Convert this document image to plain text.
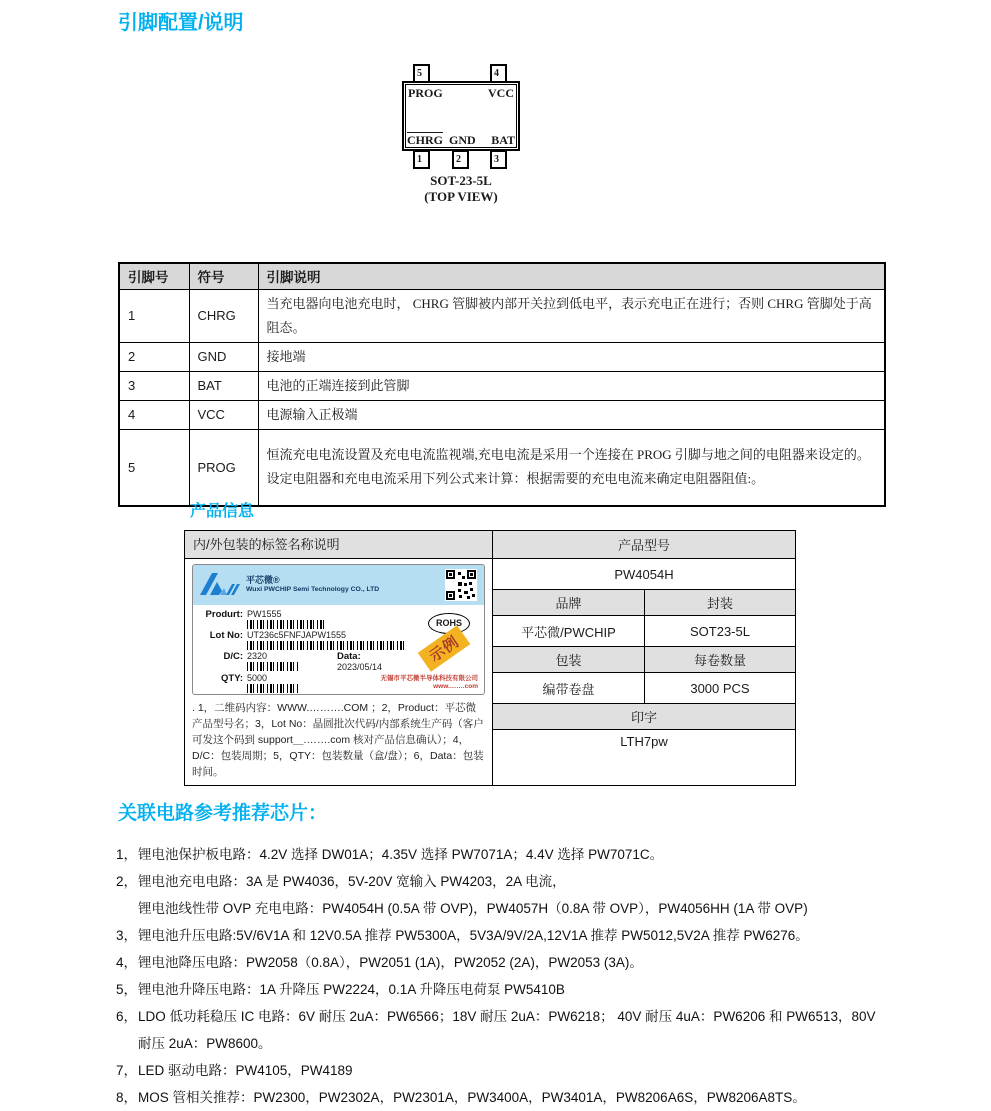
引脚配置/说明
5	4
PROG	VCC
CHRG GND BAT
1	2	3
SOT-23-5L
(TOP VIEW)
引脚号	符号	引脚说明
1	CHRG	当充电器向电池充电时， CHRG 管脚被内部开关拉到低电平，表示充电正在进行；否则 CHRG 管脚处于高阻态。
2	GND	接地端
3	BAT	电池的正端连接到此管脚
4	VCC	电源输入正极端
5	PROG	恒流充电电流设置及充电电流监视端,充电电流是采用一个连接在 PROG 引脚与地之间的电阻器来设定的。设定电阻器和充电电流采用下列公式来计算：根据需要的充电电流来确定电阻器阻值:。
产品信息
内/外包装的标签名称说明
平芯微®
Wuxi PWCHIP Semi Technology CO., LTD
Produrt: PW1555
Lot No: UT236c5FNFJAPW1555
D/C: 2320	Data:
2023/05/14
QTY: 5000
ROHS
示例
无锡市平芯微半导体科技有限公司
www.…….com
. 1，二维码内容：WWW.……….COM ；2，Product：平芯微产品型号名；3，Lot No：晶圆批次代码/内部系统生产码（客户可发这个码到 support＿.…….com 核对产品信息确认）；4，D/C：包装周期；5，QTY：包装数量（盒/盘）；6，Data：包装时间。
产品型号
PW4054H
品牌	封装
平芯微/PWCHIP	SOT23-5L
包装	每卷数量
编带卷盘	3000 PCS
印字
LTH7pw
关联电路参考推荐芯片：
1， 锂电池保护板电路：4.2V 选择 DW01A；4.35V 选择 PW7071A；4.4V 选择 PW7071C。
2， 锂电池充电电路：3A 是 PW4036，5V-20V 宽输入 PW4203，2A 电流，
锂电池线性带 OVP 充电电路：PW4054H (0.5A 带 OVP)，PW4057H（0.8A 带 OVP），PW4056HH (1A 带 OVP)
3， 锂电池升压电路:5V/6V1A 和 12V0.5A 推荐 PW5300A，5V3A/9V/2A,12V1A 推荐 PW5012,5V2A 推荐 PW6276。
4， 锂电池降压电路：PW2058（0.8A），PW2051 (1A)，PW2052 (2A)，PW2053 (3A)。
5， 锂电池升降压电路：1A 升降压 PW2224，0.1A 升降压电荷泵 PW5410B
6， LDO 低功耗稳压 IC 电路：6V 耐压 2uA：PW6566；18V 耐压 2uA：PW6218； 40V 耐压 4uA：PW6206 和 PW6513，80V 耐压 2uA：PW8600。
7， LED 驱动电路：PW4105，PW4189
8， MOS 管相关推荐：PW2300，PW2302A，PW2301A，PW3400A，PW3401A，PW8206A6S，PW8206A8TS。
